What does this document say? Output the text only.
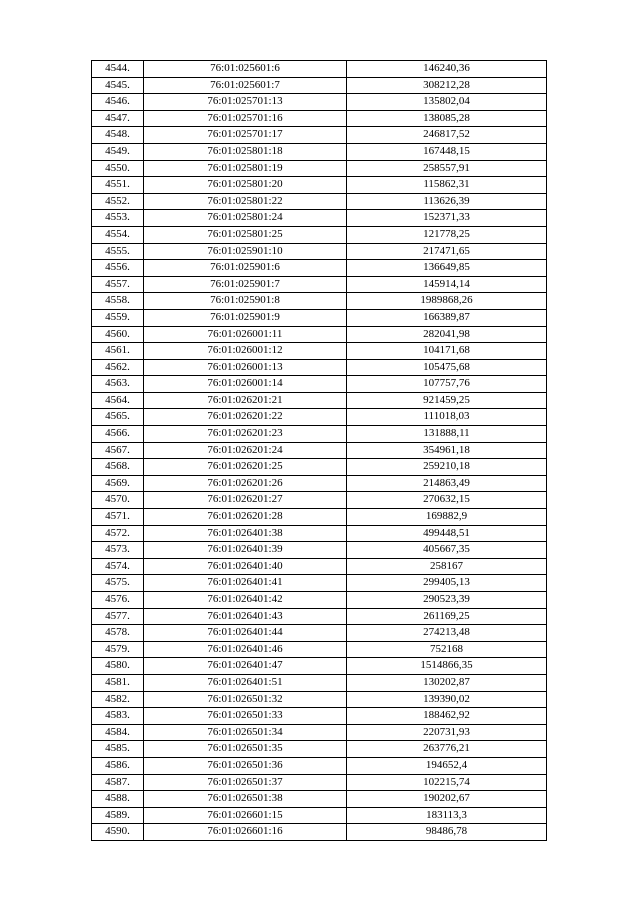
4544.	76:01:025601:6	146240,36
4545.	76:01:025601:7	308212,28
4546.	76:01:025701:13	135802,04
4547.	76:01:025701:16	138085,28
4548.	76:01:025701:17	246817,52
4549.	76:01:025801:18	167448,15
4550.	76:01:025801:19	258557,91
4551.	76:01:025801:20	115862,31
4552.	76:01:025801:22	113626,39
4553.	76:01:025801:24	152371,33
4554.	76:01:025801:25	121778,25
4555.	76:01:025901:10	217471,65
4556.	76:01:025901:6	136649,85
4557.	76:01:025901:7	145914,14
4558.	76:01:025901:8	1989868,26
4559.	76:01:025901:9	166389,87
4560.	76:01:026001:11	282041,98
4561.	76:01:026001:12	104171,68
4562.	76:01:026001:13	105475,68
4563.	76:01:026001:14	107757,76
4564.	76:01:026201:21	921459,25
4565.	76:01:026201:22	111018,03
4566.	76:01:026201:23	131888,11
4567.	76:01:026201:24	354961,18
4568.	76:01:026201:25	259210,18
4569.	76:01:026201:26	214863,49
4570.	76:01:026201:27	270632,15
4571.	76:01:026201:28	169882,9
4572.	76:01:026401:38	499448,51
4573.	76:01:026401:39	405667,35
4574.	76:01:026401:40	258167
4575.	76:01:026401:41	299405,13
4576.	76:01:026401:42	290523,39
4577.	76:01:026401:43	261169,25
4578.	76:01:026401:44	274213,48
4579.	76:01:026401:46	752168
4580.	76:01:026401:47	1514866,35
4581.	76:01:026401:51	130202,87
4582.	76:01:026501:32	139390,02
4583.	76:01:026501:33	188462,92
4584.	76:01:026501:34	220731,93
4585.	76:01:026501:35	263776,21
4586.	76:01:026501:36	194652,4
4587.	76:01:026501:37	102215,74
4588.	76:01:026501:38	190202,67
4589.	76:01:026601:15	183113,3
4590.	76:01:026601:16	98486,78
